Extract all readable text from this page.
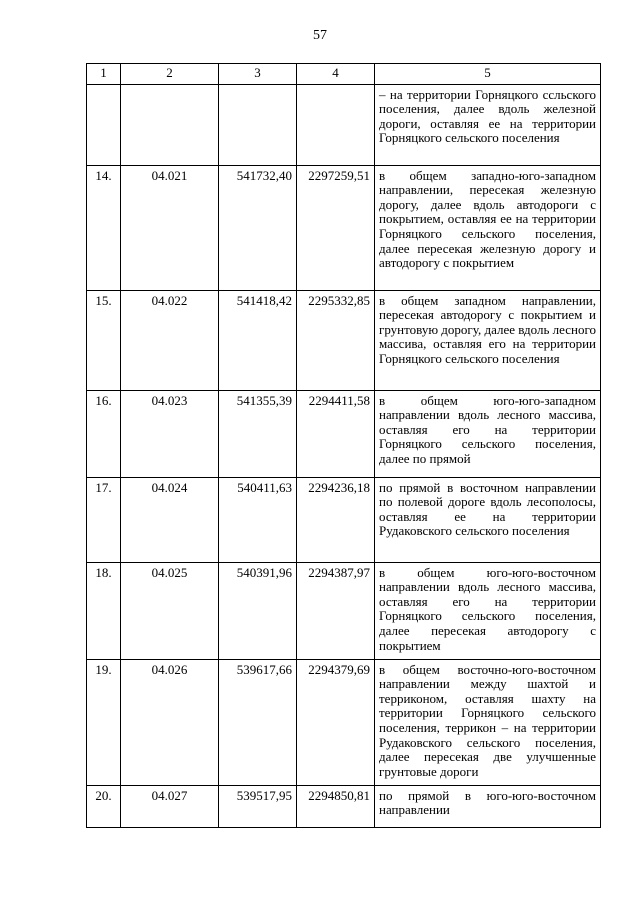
57
1	2	3	4	5
				– на территории Горняцкого ссльского поселения, далее вдоль железной дороги, оставляя ее на территории Горняцкого сельского поселения
14.	04.021	541732,40	2297259,51	в общем западно-юго-западном направлении, пересекая железную дорогу, далее вдоль автодороги с покрытием, оставляя ее на территории Горняцкого сельского поселения, далее пересекая железную дорогу и автодорогу с покрытием
15.	04.022	541418,42	2295332,85	в общем западном направлении, пересекая автодорогу с покрытием и грунтовую дорогу, далее вдоль лесного массива, оставляя его на территории Горняцкого сельского поселения
16.	04.023	541355,39	2294411,58	в общем юго-юго-западном направлении вдоль лесного массива, оставляя его на территории Горняцкого сельского поселения, далее по прямой
17.	04.024	540411,63	2294236,18	по прямой в восточном направлении по полевой дороге вдоль лесополосы, оставляя ее на территории Рудаковского сельского поселения
18.	04.025	540391,96	2294387,97	в общем юго-юго-восточном направлении вдоль лесного массива, оставляя его на территории Горняцкого сельского поселения, далее пересекая автодорогу с покрытием
19.	04.026	539617,66	2294379,69	в общем восточно-юго-восточном направлении между шахтой и терриконом, оставляя шахту на территории Горняцкого сельского поселения, террикон – на территории Рудаковского сельского поселения, далее пересекая две улучшенные грунтовые дороги
20.	04.027	539517,95	2294850,81	по прямой в юго-юго-восточном направлении
